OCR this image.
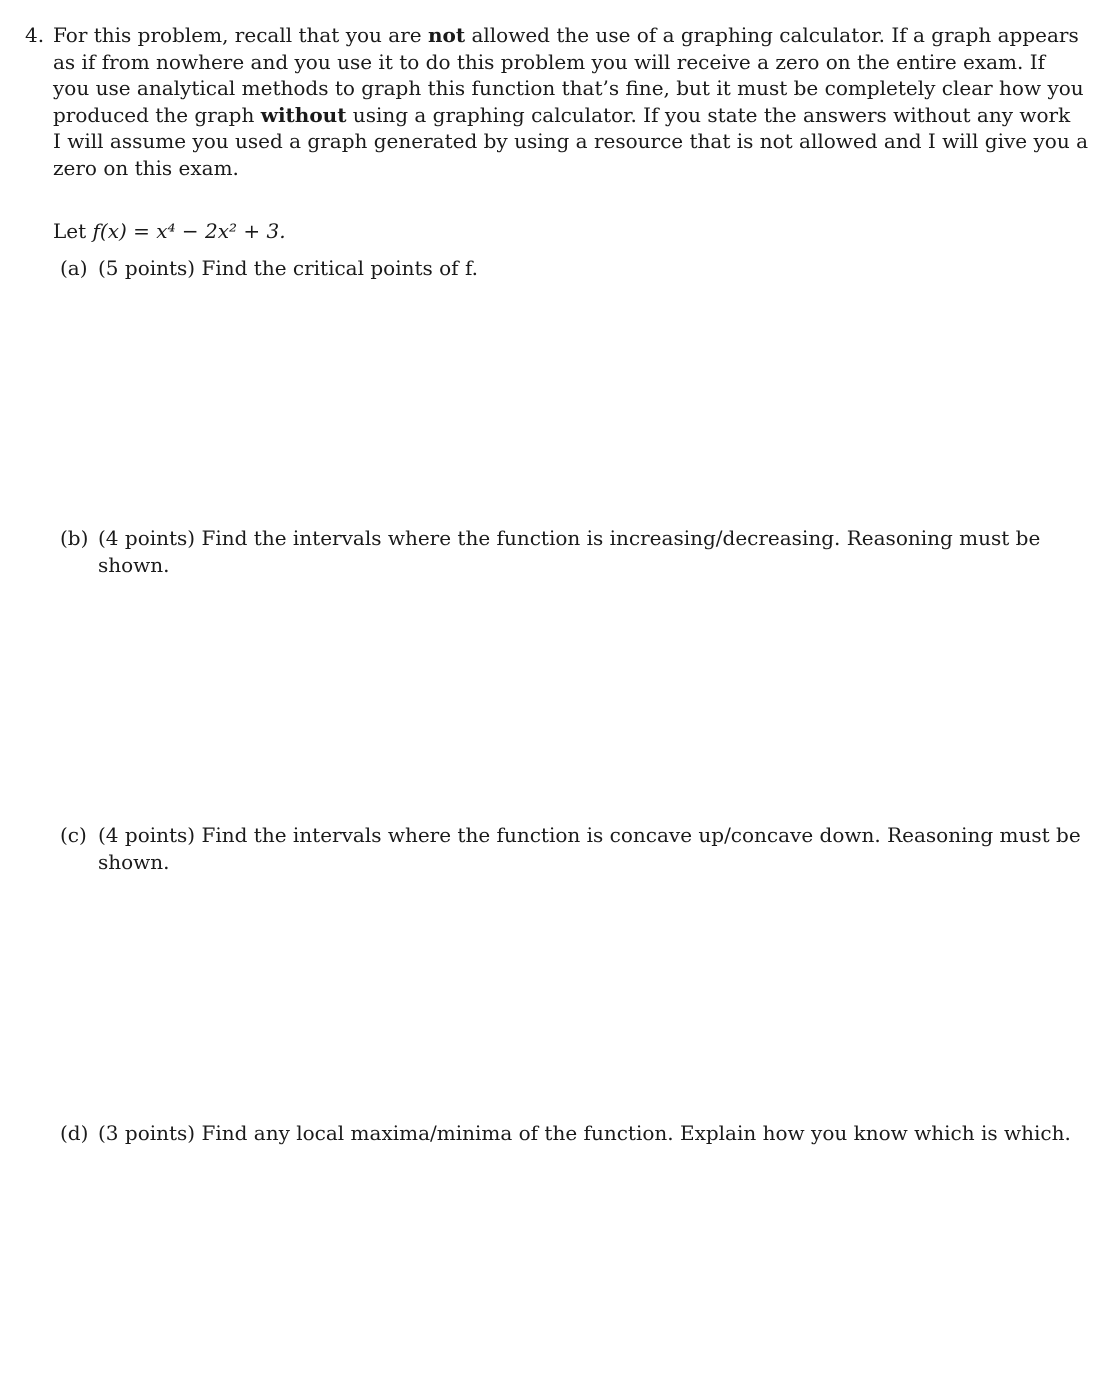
4. For this problem, recall that you are not allowed the use of a graphing calculator. If a graph appears
as if from nowhere and you use it to do this problem you will receive a zero on the entire exam. If
you use analytical methods to graph this function that’s fine, but it must be completely clear how you
produced the graph without using a graphing calculator. If you state the answers without any work
I will assume you used a graph generated by using a resource that is not allowed and I will give you a
zero on this exam.
Let f(x) = x⁴ − 2x² + 3.
(a) (5 points) Find the critical points of f.
(b) (4 points) Find the intervals where the function is increasing/decreasing. Reasoning must be
shown.
(c) (4 points) Find the intervals where the function is concave up/concave down. Reasoning must be
shown.
(d) (3 points) Find any local maxima/minima of the function. Explain how you know which is which.
